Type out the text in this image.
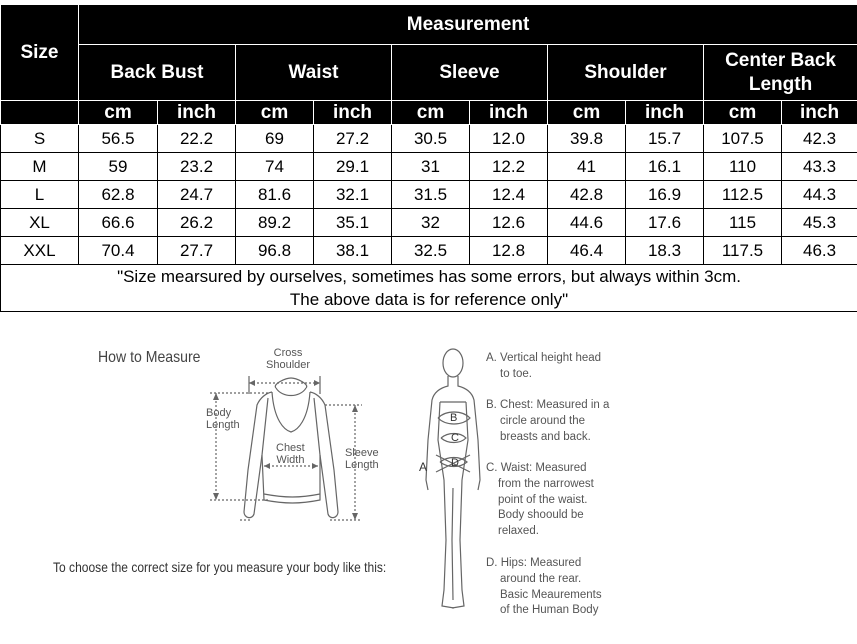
Size	Measurement									
	Back Bust		Waist		Sleeve		Shoulder		Center Back Length	
	cm	inch	cm	inch	cm	inch	cm	inch	cm	inch
S	56.5	22.2	69	27.2	30.5	12.0	39.8	15.7	107.5	42.3
M	59	23.2	74	29.1	31	12.2	41	16.1	110	43.3
L	62.8	24.7	81.6	32.1	31.5	12.4	42.8	16.9	112.5	44.3
XL	66.6	26.2	89.2	35.1	32	12.6	44.6	17.6	115	45.3
XXL	70.4	27.7	96.8	38.1	32.5	12.8	46.4	18.3	117.5	46.3

"Size mearsured by ourselves, sometimes has some errors, but always within 3cm.
The above data is for reference only"										
How to Measure	Cross
Shoulder
Body
Length
Chest
Width
Sleeve
Length	A
B
C
D
A. Vertical height head
to toe.
B. Chest: Measured in a
circle around the
breasts and back.
C. Waist: Measured
from the narrowest
point of the waist.
Body shoould be
relaxed.
D. Hips: Measured
around the rear.
Basic Meaurements
of the Human Body
To choose the correct size for you measure your body like this:
